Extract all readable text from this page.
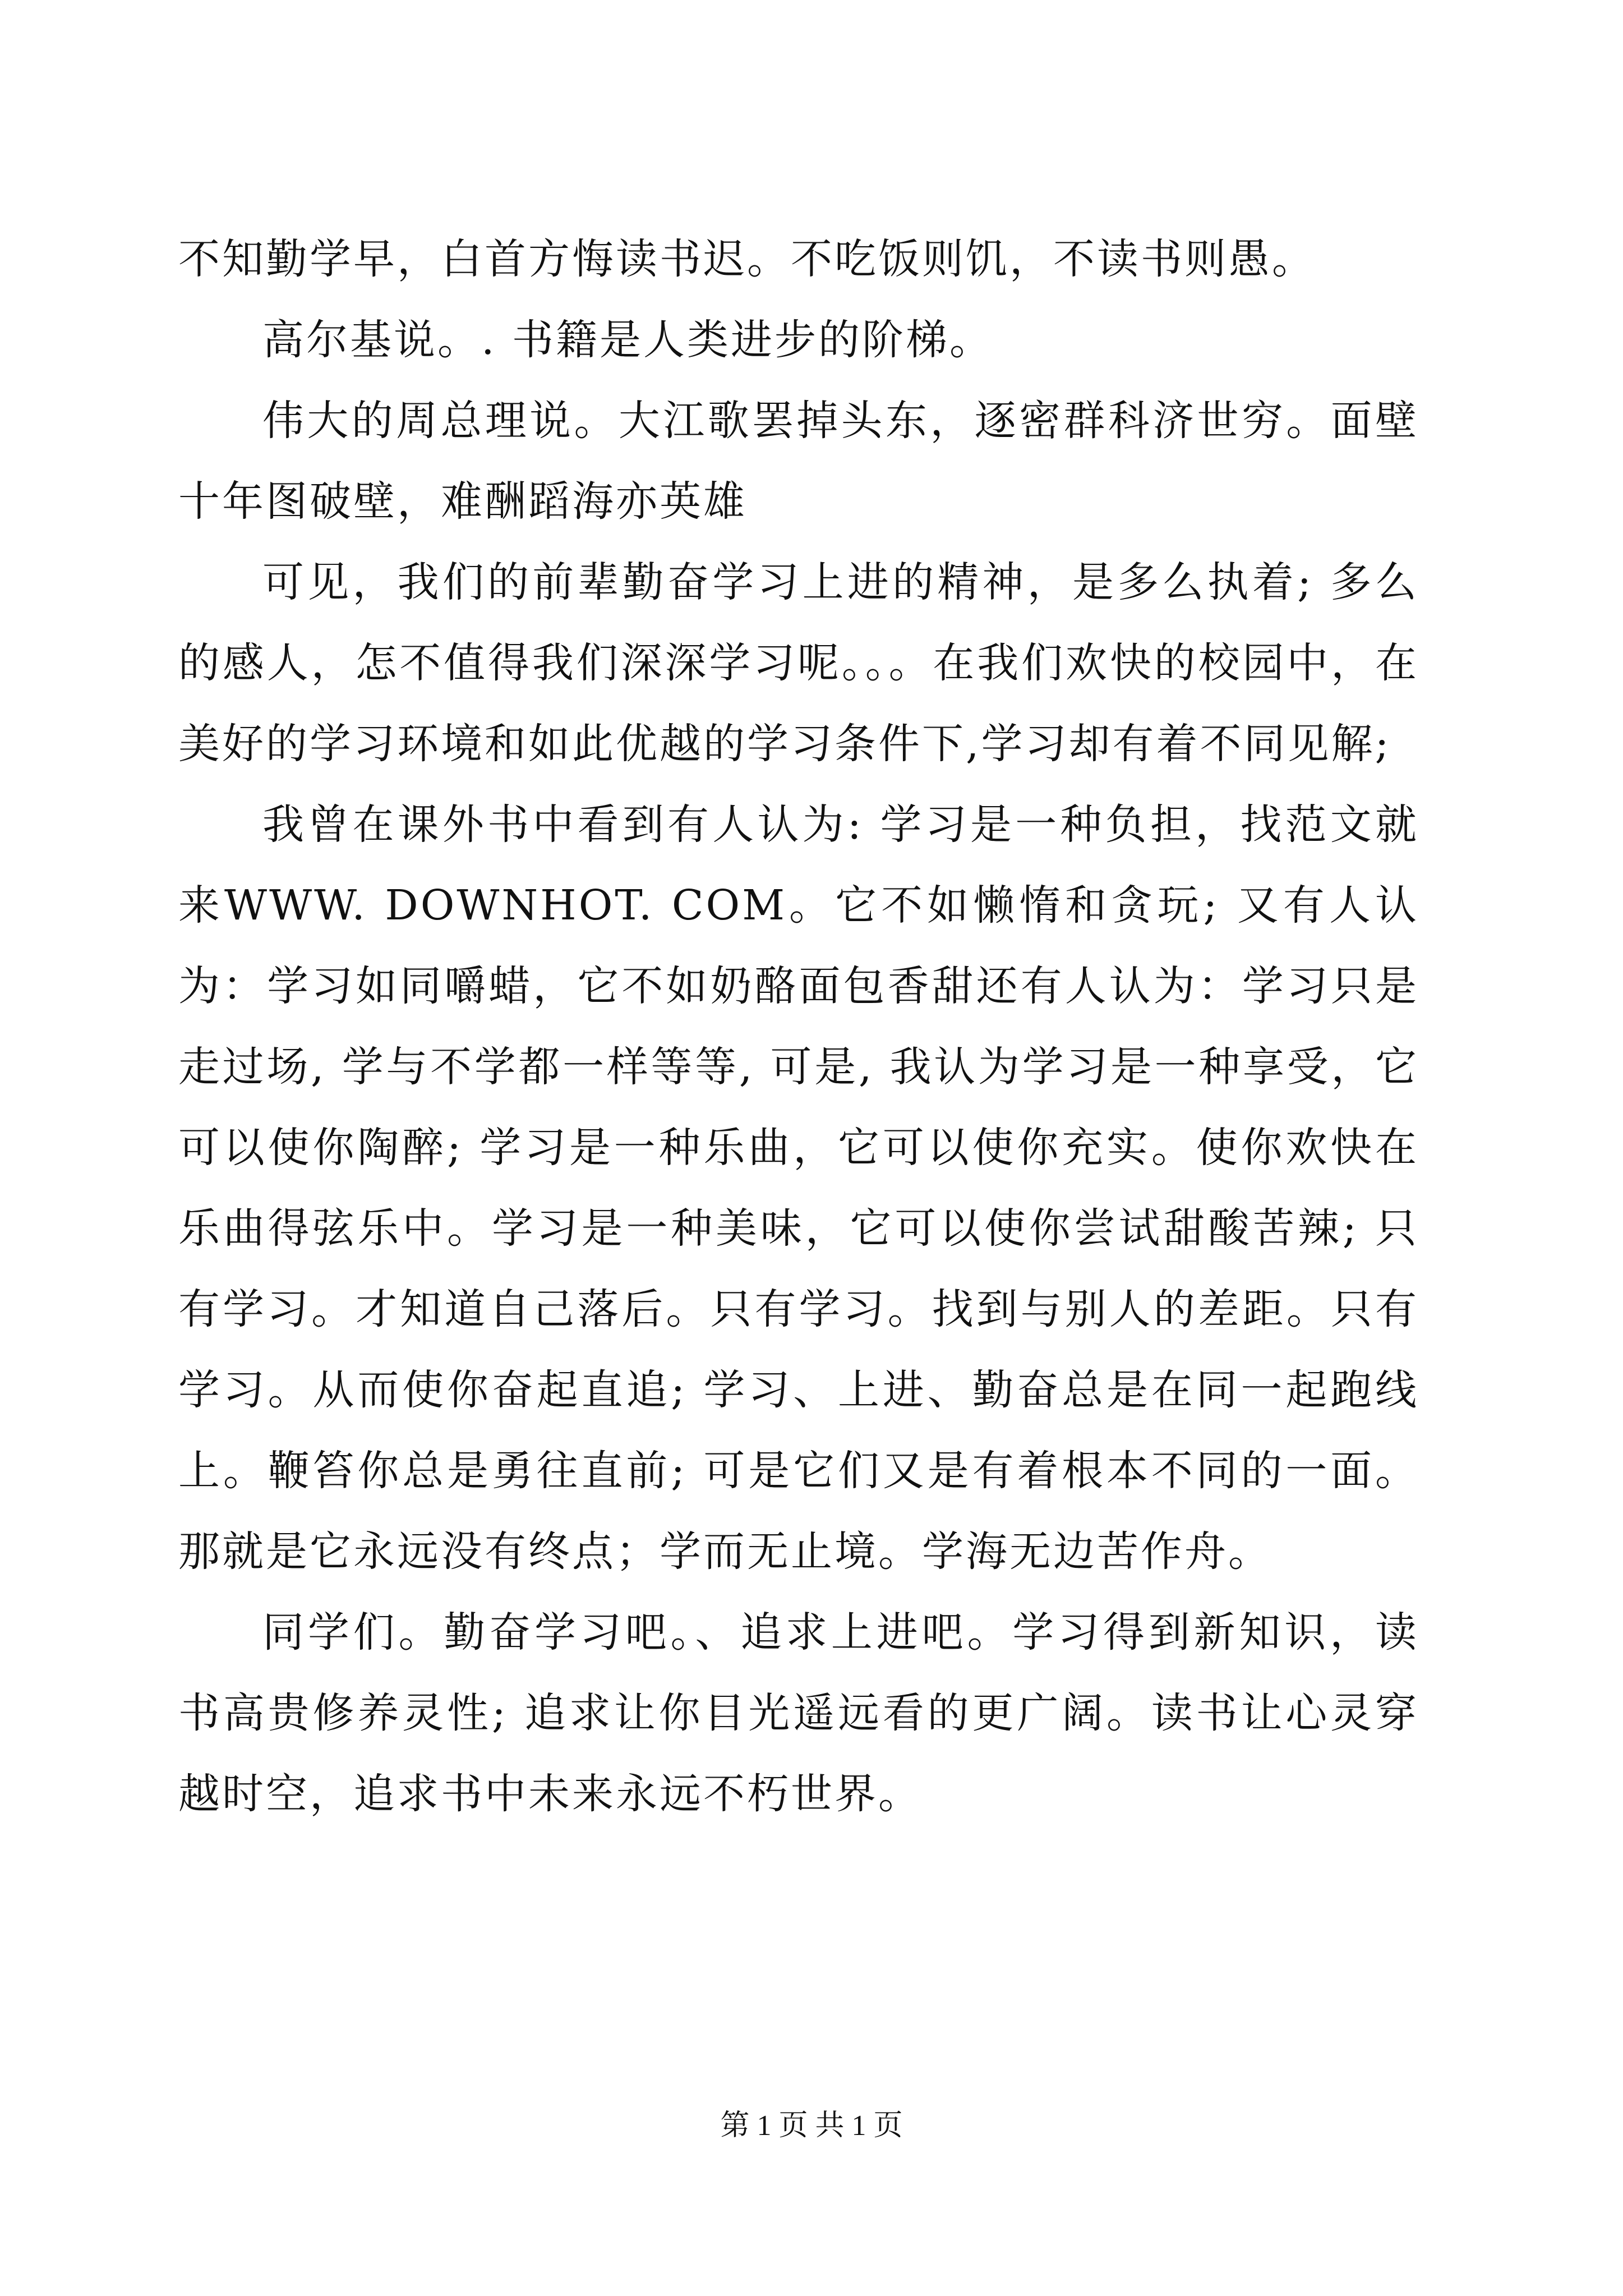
不知勤学早，白首方悔读书迟。不吃饭则饥，不读书则愚。

高尔基说。. 书籍是人类进步的阶梯。

伟大的周总理说。大江歌罢掉头东，逐密群科济世穷。面壁十年图破壁，难酬蹈海亦英雄

可见，我们的前辈勤奋学习上进的精神，是多么执着; 多么的感人，怎不值得我们深深学习呢。。。在我们欢快的校园中，在美好的学习环境和如此优越的学习条件下,学习却有着不同见解;

我曾在课外书中看到有人认为: 学习是一种负担，找范文就来WWW. DOWNHOT. COM。它不如懒惰和贪玩; 又有人认为：学习如同嚼蜡，它不如奶酪面包香甜还有人认为：学习只是走过场, 学与不学都一样等等, 可是, 我认为学习是一种享受，它可以使你陶醉; 学习是一种乐曲，它可以使你充实。使你欢快在乐曲得弦乐中。学习是一种美味，它可以使你尝试甜酸苦辣; 只有学习。才知道自己落后。只有学习。找到与别人的差距。只有学习。从而使你奋起直追; 学习、上进、勤奋总是在同一起跑线上。鞭笞你总是勇往直前; 可是它们又是有着根本不同的一面。那就是它永远没有终点；学而无止境。学海无边苦作舟。

同学们。勤奋学习吧。、追求上进吧。学习得到新知识，读书高贵修养灵性; 追求让你目光遥远看的更广阔。读书让心灵穿越时空，追求书中未来永远不朽世界。

第 1 页 共 1 页
